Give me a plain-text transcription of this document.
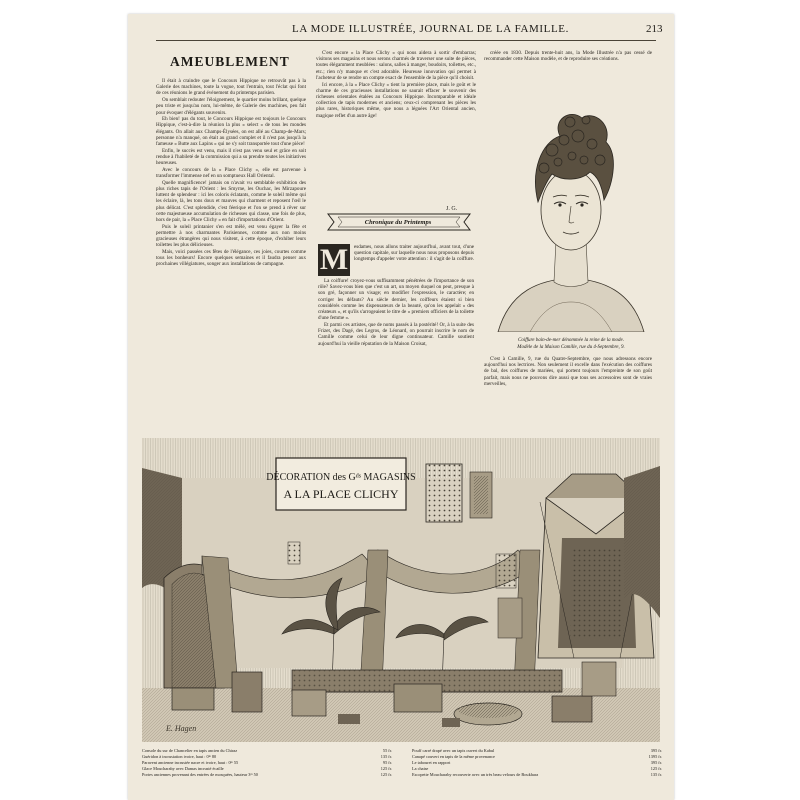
LA MODE ILLUSTRÉE, JOURNAL DE LA FAMILLE.	213
AMEUBLEMENT

Il était à craindre que le Concours Hippique ne retrouvât pas à la Galerie des machines, toute la vogue, tout l'entrain, tout l'éclat qui font de ces réunions le grand événement du printemps parisien.

On semblait redouter l'éloignement, le quartier moins brillant, quelque peu triste et jusqu'au nom, lui-même, de Galerie des machines, peu fait pour évoquer d'élégants souvenirs.

Eh bien! pas du tout, le Concours Hippique est toujours le Concours Hippique, c'est-à-dire la réunion la plus « select » de tous les mondes élégants. On allait aux Champs-Élysées, on est allé au Champ-de-Mars; personne n'a manqué, on était au grand complet et il n'est pas jusqu'à la fameuse « Butte aux Lapins » qui ne s'y soit transportée tout d'une pièce!

Enfin, le succès est venu, mais il n'est pas venu seul et grâce en soit rendue à l'habileté de la commission qui a su prendre toutes les initiatives heureuses.

Avec le concours de la « Place Clichy », elle est parvenue à transformer l'immense nef en un somptueux Hall Oriental.

Quelle magnificence! jamais on n'avait vu semblable exhibition des plus riches tapis de l'Orient : les Smyrne, les Ouchac, les Mirzapoure luttent de splendeur : ici les coloris éclatants, comme le soleil même qui les éclaire, là, les tons doux et mauves qui charment et reposent l'œil le plus délicat. C'est splendide, c'est féerique et l'on se prend à rêver sur cette majestueuse accumulation de richesses qui classe, une fois de plus, hors de pair, la « Place Clichy » en fait d'importations d'Orient.

Puis le soleil printanier s'en est mêlé, est venu égayer la fête et permettre à nos charmantes Parisiennes, comme aux non moins gracieuses étrangères qui nous visitent, à cette époque, d'exhiber leurs toilettes les plus délicieuses.

Mais, voici passées ces fêtes de l'élégance, ces joies, courtes comme tous les bonheurs! Encore quelques semaines et il faudra penser aux prochaines villégiatures, songer aux installations de campagne.

C'est encore « la Place Clichy » qui nous aidera à sortir d'embarras; visitons ses magasins et nous serons charmés de traverser une suite de pièces, toutes élégamment meublées : salons, salles à manger, boudoirs, toilettes, etc., etc.; rien n'y manque et c'est adorable. Heureuse innovation qui permet à l'acheteur de se rendre un compte exact de l'ensemble de la pièce qu'il choisit.

Ici encore, à la « Place Clichy » tient la première place, mais le goût et le charme de ces gracieuses installations ne saurait effacer le souvenir des richesses orientales étalées au Concours Hippique. Incomparable et idéale collection de tapis modernes et anciens; ceux-ci comprenant les pièces les plus rares, historiques même, que nous a léguées l'Art Oriental ancien, magique reflet d'un autre âge!

J. G.
Chronique du Printemps
M	esdames, nous allons traiter aujourd'hui, avant tout, d'une question capitale, sur laquelle nous nous proposons depuis longtemps d'appeler votre attention : il s'agit de la coiffure.

La coiffure! croyez-vous suffisamment pénétrées de l'importance de son rôle? Savez-vous bien que c'est un art, un moyen duquel on peut, presque à son gré, façonner un visage; en modifier l'expression, le caractère; en corriger les défauts? Au siècle dernier, les coiffeurs étaient si bien considérés comme les dispensateurs de la beauté, qu'on les appelait « des créateurs », et qu'ils s'arrogeaient le titre de « premiers officiers de la toilette d'une femme ».

Et parmi ces artistes, que de noms passés à la postérité! Or, à la suite des Frizet, des Dagé, des Legros, de Léonard, on pourrait inscrire le nom de Camille comme celui de leur digne continuateur. Camille soutient aujourd'hui la vieille réputation de la Maison Croisat,

créée en 1830. Depuis trente-huit ans, la Mode Illustrée n'a pas cessé de recommander cette Maison modèle, et de reproduire ses créations.

Coiffure bain-de-mer dénommée la reine de la mode.
Modèle de la Maison Camille, rue du 4-Septembre, 9.

C'est à Camille, 9, rue du Quatre-Septembre, que nous adressons encore aujourd'hui nos lectrices. Non seulement il excelle dans l'exécution des coiffures de bal, des coiffures de mariées, qui portent toujours l'empreinte de son goût parfait, mais nous ne pouvons dire aussi que tous ses accessoires sont de vraies merveilles,

DÉCORATION des Gᵈˢ MAGASINS
A LA PLACE CLICHY
E. Hagen
Console du sur de Chancelier en tapis ancien du Chiraz	55 fr.
Guéridon à incrustation ivoire, haut : 0ᵐ 80	135 fr.
Paravent ancienne incrustée nacre et ivoire, haut : 0ᵐ 55	95 fr.
Glace Moucharaby avec Damas incrusté écaille	125 fr.
Portes anciennes provenant des entrées de mosquées, hauteur 3ᵐ 50	125 fr.
Pouff carré drapé avec un tapis ouvert du Kabul	395 fr.
Canapé couvert en tapis de la même provenance	1395 fr.
Le tabouret en rapport	395 fr.
La chaise	125 fr.
Escopette Moucharaby recouverte avec un très beau velours de Boukhara	135 fr.
